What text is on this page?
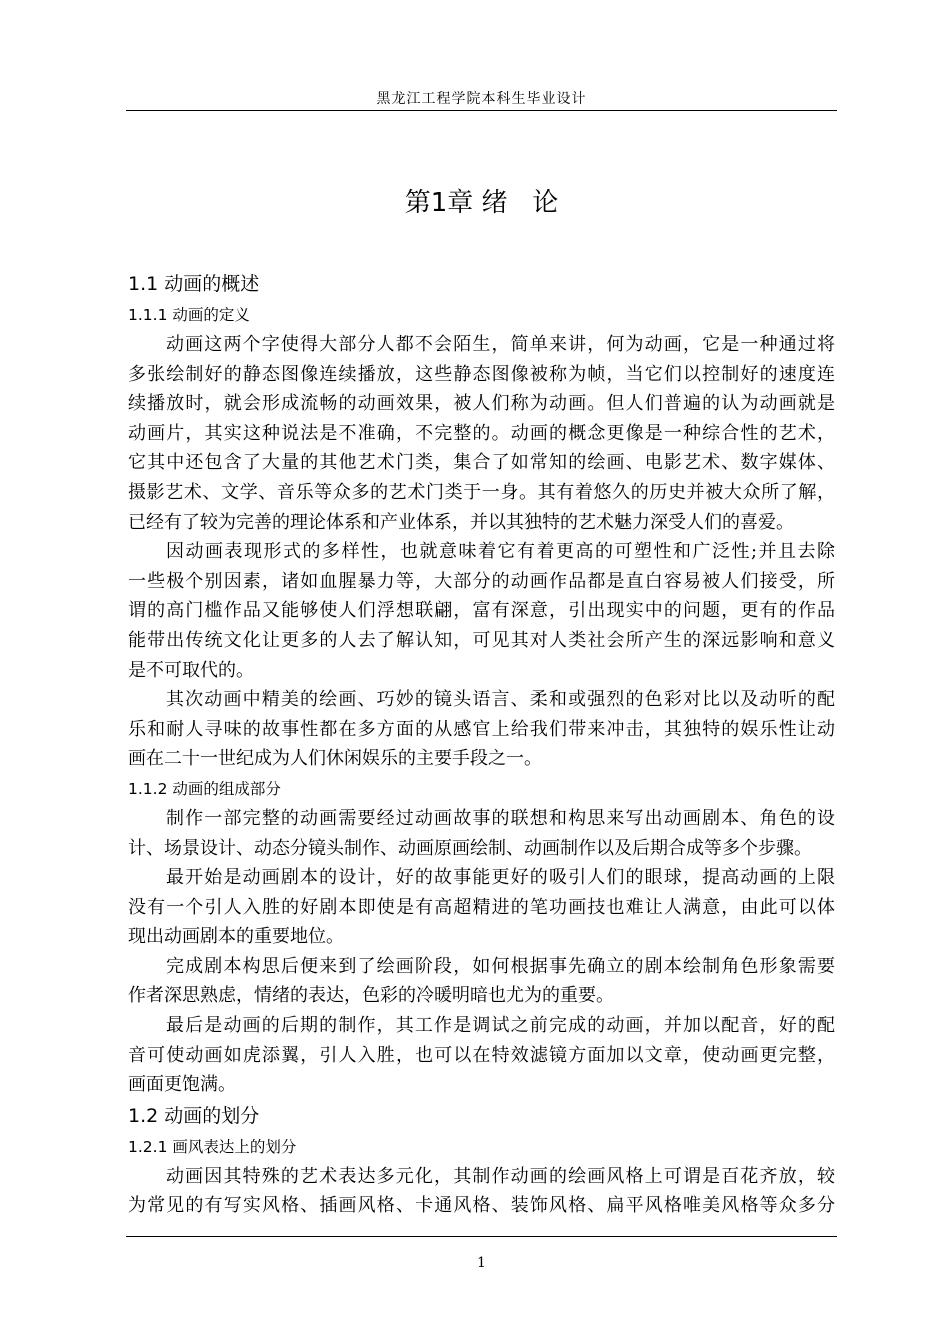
黑龙江工程学院本科生毕业设计
第1章 绪   论
1.1 动画的概述
1.1.1 动画的定义
动画这两个字使得大部分人都不会陌生，简单来讲，何为动画，它是一种通过将
多张绘制好的静态图像连续播放，这些静态图像被称为帧，当它们以控制好的速度连
续播放时，就会形成流畅的动画效果，被人们称为动画。但人们普遍的认为动画就是
动画片，其实这种说法是不准确，不完整的。动画的概念更像是一种综合性的艺术，
它其中还包含了大量的其他艺术门类，集合了如常知的绘画、电影艺术、数字媒体、
摄影艺术、文学、音乐等众多的艺术门类于一身。其有着悠久的历史并被大众所了解，
已经有了较为完善的理论体系和产业体系，并以其独特的艺术魅力深受人们的喜爱。
因动画表现形式的多样性，也就意味着它有着更高的可塑性和广泛性;并且去除
一些极个别因素，诸如血腥暴力等，大部分的动画作品都是直白容易被人们接受，所
谓的高门槛作品又能够使人们浮想联翩，富有深意，引出现实中的问题，更有的作品
能带出传统文化让更多的人去了解认知，可见其对人类社会所产生的深远影响和意义
是不可取代的。
其次动画中精美的绘画、巧妙的镜头语言、柔和或强烈的色彩对比以及动听的配
乐和耐人寻味的故事性都在多方面的从感官上给我们带来冲击，其独特的娱乐性让动
画在二十一世纪成为人们休闲娱乐的主要手段之一。
1.1.2 动画的组成部分
制作一部完整的动画需要经过动画故事的联想和构思来写出动画剧本、角色的设
计、场景设计、动态分镜头制作、动画原画绘制、动画制作以及后期合成等多个步骤。
最开始是动画剧本的设计，好的故事能更好的吸引人们的眼球，提高动画的上限
没有一个引人入胜的好剧本即使是有高超精进的笔功画技也难让人满意，由此可以体
现出动画剧本的重要地位。
完成剧本构思后便来到了绘画阶段，如何根据事先确立的剧本绘制角色形象需要
作者深思熟虑，情绪的表达，色彩的冷暖明暗也尤为的重要。
最后是动画的后期的制作，其工作是调试之前完成的动画，并加以配音，好的配
音可使动画如虎添翼，引人入胜，也可以在特效滤镜方面加以文章，使动画更完整，
画面更饱满。
1.2 动画的划分
1.2.1 画风表达上的划分
动画因其特殊的艺术表达多元化，其制作动画的绘画风格上可谓是百花齐放，较
为常见的有写实风格、插画风格、卡通风格、装饰风格、扁平风格唯美风格等众多分
1
